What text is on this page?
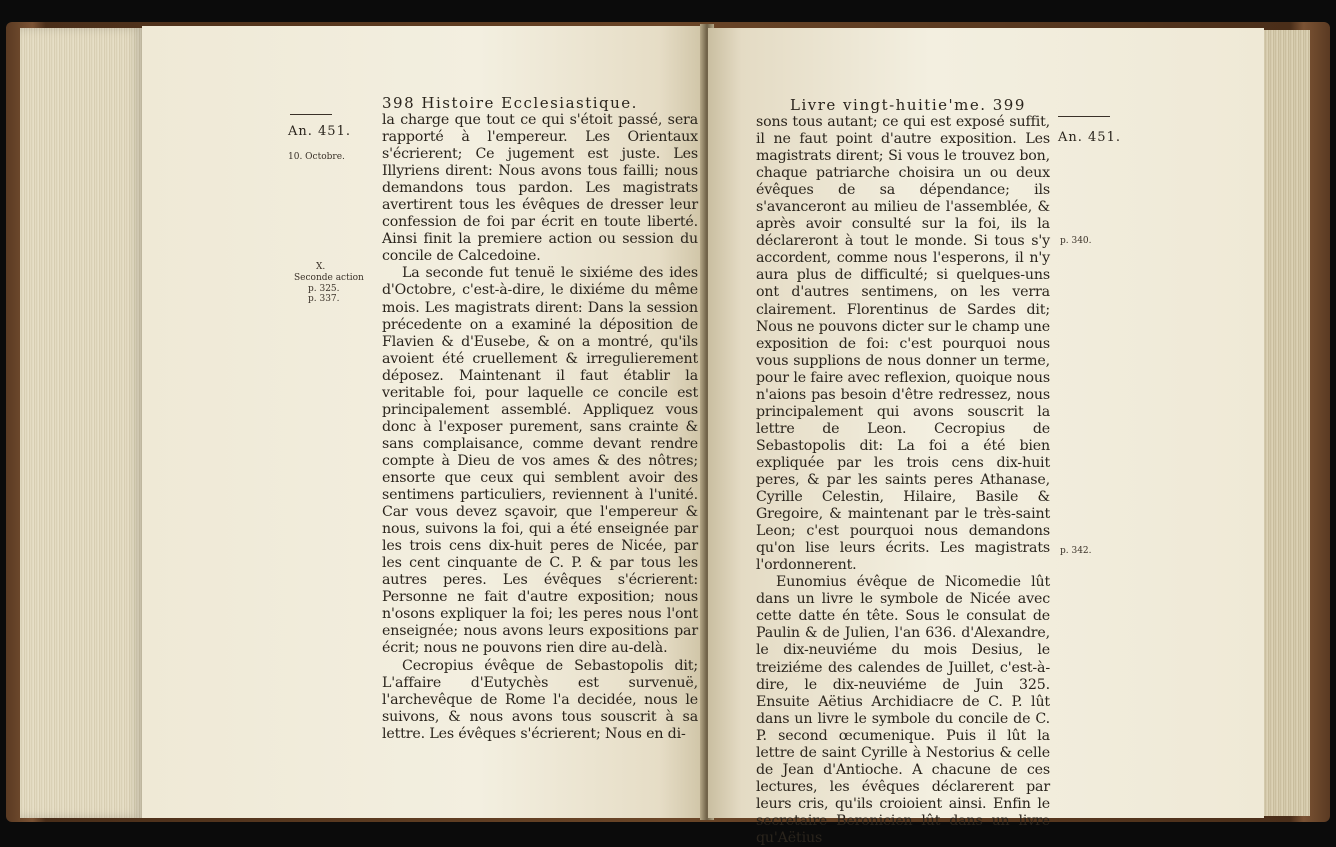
398 Histoire Ecclesiastique.
An. 451.
10. Octobre.
X.
Seconde action
p. 325.
p. 337.

la charge que tout ce qui s'étoit passé, sera rapporté à l'empereur. Les Orientaux s'écrierent; Ce jugement est juste. Les Illyriens dirent: Nous avons tous failli; nous demandons tous pardon. Les magistrats avertirent tous les évêques de dresser leur confession de foi par écrit en toute liberté. Ainsi finit la premiere action ou session du concile de Calcedoine.

La seconde fut tenuë le sixiéme des ides d'Octobre, c'est-à-dire, le dixiéme du même mois. Les magistrats dirent: Dans la session précedente on a examiné la déposition de Flavien & d'Eusebe, & on a montré, qu'ils avoient été cruellement & irregulierement déposez. Maintenant il faut établir la veritable foi, pour laquelle ce concile est principalement assemblé. Appliquez vous donc à l'exposer purement, sans crainte & sans complaisance, comme devant rendre compte à Dieu de vos ames & des nôtres; ensorte que ceux qui semblent avoir des sentimens particuliers, reviennent à l'unité. Car vous devez sçavoir, que l'empereur & nous, suivons la foi, qui a été enseignée par les trois cens dix-huit peres de Nicée, par les cent cinquante de C. P. & par tous les autres peres. Les évêques s'écrierent: Personne ne fait d'autre exposition; nous n'osons expliquer la foi; les peres nous l'ont enseignée; nous avons leurs expositions par écrit; nous ne pouvons rien dire au-delà.

Cecropius évêque de Sebastopolis dit; L'affaire d'Eutychès est survenuë, l'archevêque de Rome l'a decidée, nous le suivons, & nous avons tous souscrit à sa lettre. Les évêques s'écrierent; Nous en di-

Livre vingt-huitie'me. 399
An. 451.
p. 340.
p. 342.

sons tous autant; ce qui est exposé suffit, il ne faut point d'autre exposition. Les magistrats dirent; Si vous le trouvez bon, chaque patriarche choisira un ou deux évêques de sa dépendance; ils s'avanceront au milieu de l'assemblée, & après avoir consulté sur la foi, ils la déclareront à tout le monde. Si tous s'y accordent, comme nous l'esperons, il n'y aura plus de difficulté; si quelques-uns ont d'autres sentimens, on les verra clairement. Florentinus de Sardes dit; Nous ne pouvons dicter sur le champ une exposition de foi: c'est pourquoi nous vous supplions de nous donner un terme, pour le faire avec reflexion, quoique nous n'aions pas besoin d'être redressez, nous principalement qui avons souscrit la lettre de Leon. Cecropius de Sebastopolis dit: La foi a été bien expliquée par les trois cens dix-huit peres, & par les saints peres Athanase, Cyrille Celestin, Hilaire, Basile & Gregoire, & maintenant par le très-saint Leon; c'est pourquoi nous demandons qu'on lise leurs écrits. Les magistrats l'ordonnerent.

Eunomius évêque de Nicomedie lût dans un livre le symbole de Nicée avec cette datte én tête. Sous le consulat de Paulin & de Julien, l'an 636. d'Alexandre, le dix-neuviéme du mois Desius, le treiziéme des calendes de Juillet, c'est-à-dire, le dix-neuviéme de Juin 325. Ensuite Aëtius Archidiacre de C. P. lût dans un livre le symbole du concile de C. P. second œcumenique. Puis il lût la lettre de saint Cyrille à Nestorius & celle de Jean d'Antioche. A chacune de ces lectures, les évêques déclarerent par leurs cris, qu'ils croioient ainsi. Enfin le secretaire Beronicien lût dans un livre qu'Aëtius
